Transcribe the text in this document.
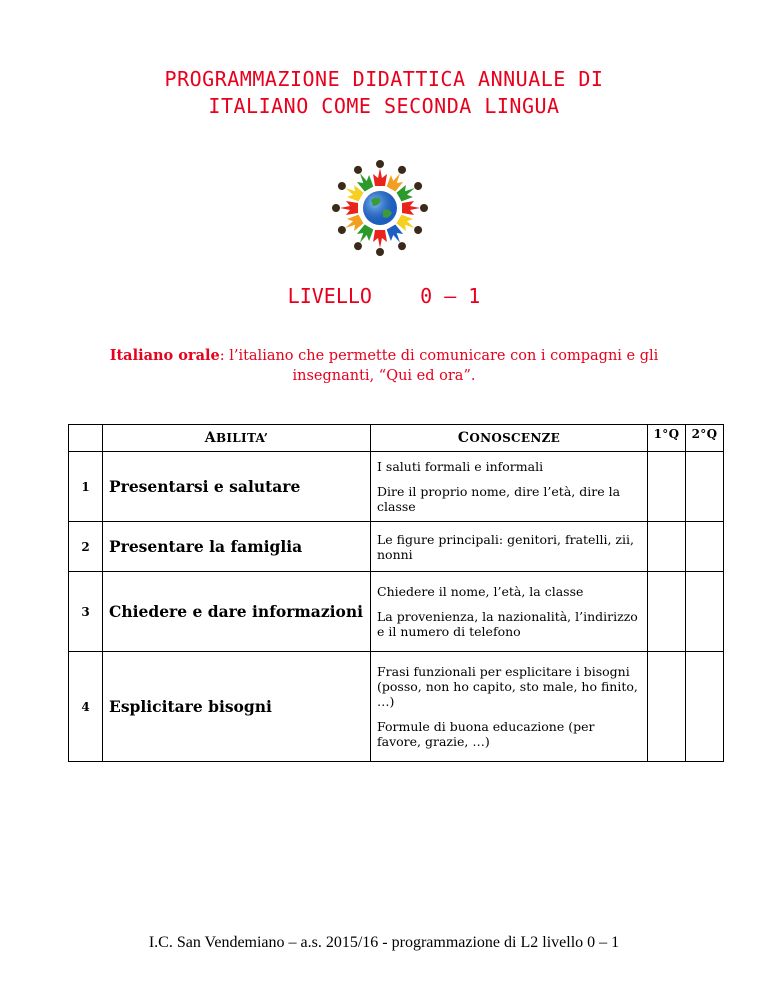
PROGRAMMAZIONE DIDATTICA ANNUALE DI
ITALIANO COME SECONDA LINGUA
LIVELLO    0 – 1
Italiano orale: l’italiano che permette di comunicare con i compagni e gli insegnanti, “Qui ed ora”.
	ABILITA’	CONOSCENZE	1°Q	2°Q
1	Presentarsi e salutare	I saluti formali e informali

Dire il proprio nome, dire l’età, dire la classe		

2	Presentare la famiglia	Le figure principali: genitori, fratelli, zii, nonni		

3	Chiedere e dare informazioni	Chiedere il nome, l’età, la classe

La provenienza, la nazionalità, l’indirizzo e il numero di telefono		

4	Esplicitare bisogni	Frasi funzionali per esplicitare i bisogni (posso, non ho capito, sto male, ho finito, …)

Formule di buona educazione (per favore, grazie, …)		

I.C. San Vendemiano – a.s. 2015/16 - programmazione di L2 livello 0 – 1
